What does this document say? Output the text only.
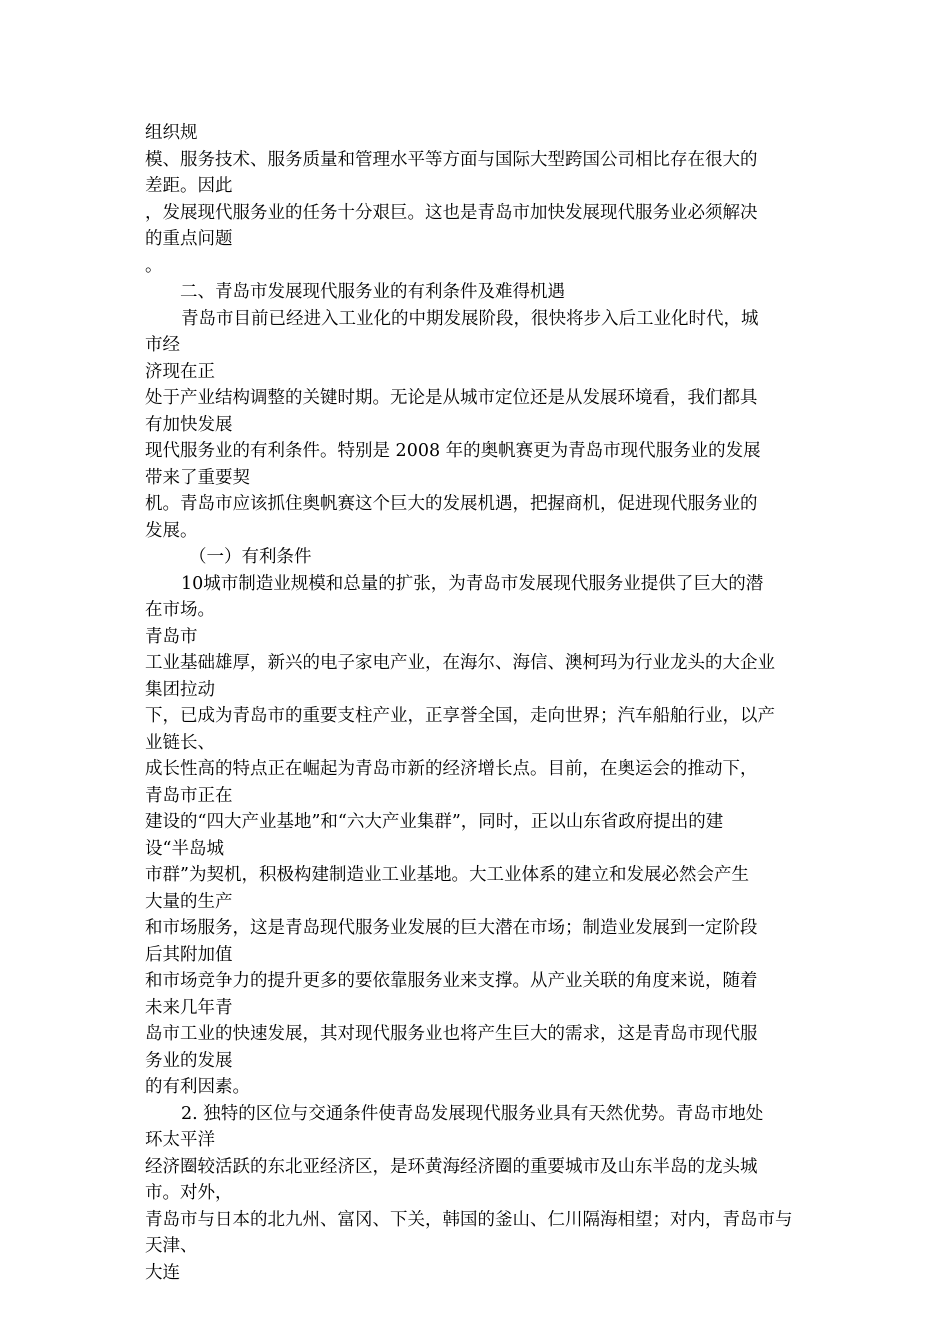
组织规
模、服务技术、服务质量和管理水平等方面与国际大型跨国公司相比存在很大的
差距。因此
，发展现代服务业的任务十分艰巨。这也是青岛市加快发展现代服务业必须解决
的重点问题
。
二、青岛市发展现代服务业的有利条件及难得机遇
青岛市目前已经进入工业化的中期发展阶段，很快将步入后工业化时代，城
市经
济现在正
处于产业结构调整的关键时期。无论是从城市定位还是从发展环境看，我们都具
有加快发展
现代服务业的有利条件。特别是 2008 年的奥帆赛更为青岛市现代服务业的发展
带来了重要契
机。青岛市应该抓住奥帆赛这个巨大的发展机遇，把握商机，促进现代服务业的
发展。
（一）有利条件
10城市制造业规模和总量的扩张，为青岛市发展现代服务业提供了巨大的潜
在市场。
青岛市
工业基础雄厚，新兴的电子家电产业，在海尔、海信、澳柯玛为行业龙头的大企业
集团拉动
下，已成为青岛市的重要支柱产业，正享誉全国，走向世界；汽车船舶行业，以产
业链长、
成长性高的特点正在崛起为青岛市新的经济增长点。目前，在奥运会的推动下，
青岛市正在
建设的“四大产业基地”和“六大产业集群”，同时，正以山东省政府提出的建
设“半岛城
市群”为契机，积极构建制造业工业基地。大工业体系的建立和发展必然会产生
大量的生产
和市场服务，这是青岛现代服务业发展的巨大潜在市场；制造业发展到一定阶段
后其附加值
和市场竞争力的提升更多的要依靠服务业来支撑。从产业关联的角度来说，随着
未来几年青
岛市工业的快速发展，其对现代服务业也将产生巨大的需求，这是青岛市现代服
务业的发展
的有利因素。
2. 独特的区位与交通条件使青岛发展现代服务业具有天然优势。青岛市地处
环太平洋
经济圈较活跃的东北亚经济区，是环黄海经济圈的重要城市及山东半岛的龙头城
市。对外，
青岛市与日本的北九州、富冈、下关，韩国的釜山、仁川隔海相望；对内，青岛市与
天津、
大连
